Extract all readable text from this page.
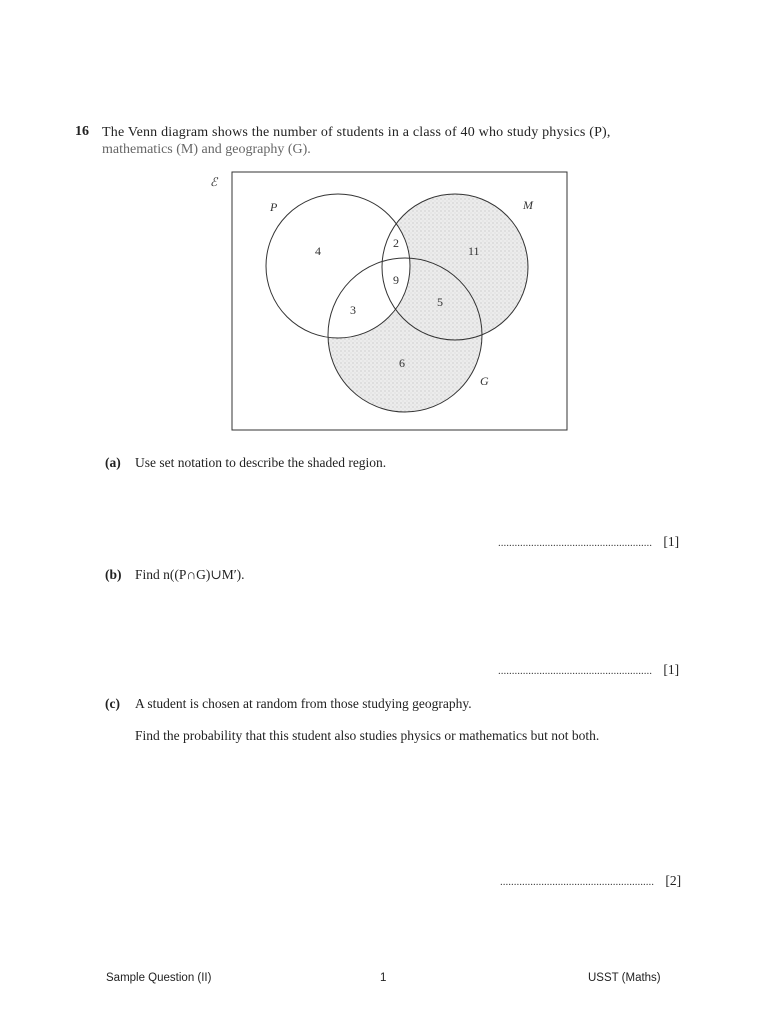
16 The Venn diagram shows the number of students in a class of 40 who study physics (P),
mathematics (M) and geography (G).
ℰ
P	M
G
4
2
11
9
3
5
6
(a) Use set notation to describe the shaded region.
........................................................ [1]
(b) Find n((P∩G)∪M′).
........................................................ [1]
(c) A student is chosen at random from those studying geography.
Find the probability that this student also studies physics or mathematics but not both.
........................................................ [2]
Sample Question (II)	1	USST (Maths)
